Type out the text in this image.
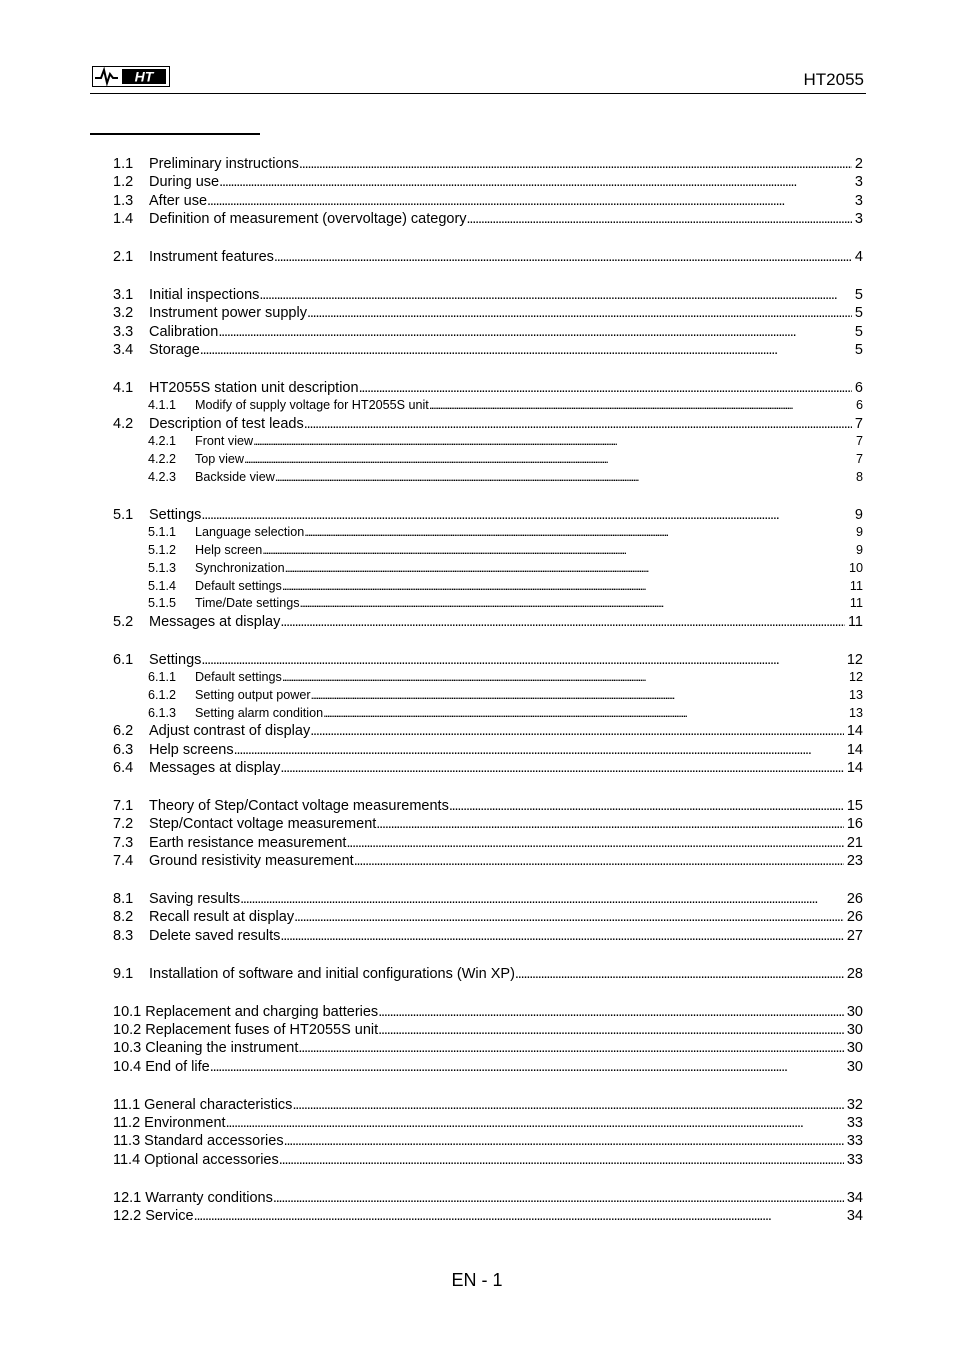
HT	HT2055
1.1	Preliminary instructions . . .	2
1.2	During use . . .	3
1.3	After use . . .	3
1.4	Definition of measurement (overvoltage) category . . .	3
2.1	Instrument features . . .	4
3.1	Initial inspections . . .	5
3.2	Instrument power supply . . .	5
3.3	Calibration . . .	5
3.4	Storage . . .	5
4.1	HT2055S station unit description . . .	6
4.1.1	Modify of supply voltage for HT2055S unit . . .	6
4.2	Description of test leads . . .	7
4.2.1	Front view . . .	7
4.2.2	Top view . . .	7
4.2.3	Backside view . . .	8
5.1	Settings . . .	9
5.1.1	Language selection . . .	9
5.1.2	Help screen . . .	9
5.1.3	Synchronization . . .	10
5.1.4	Default settings . . .	11
5.1.5	Time/Date settings . . .	11
5.2	Messages at display . . .	11
6.1	Settings . . .	12
6.1.1	Default settings . . .	12
6.1.2	Setting output power . . .	13
6.1.3	Setting alarm condition . . .	13
6.2	Adjust contrast of display . . .	14
6.3	Help screens . . .	14
6.4	Messages at display . . .	14
7.1	Theory of Step/Contact voltage measurements . . .	15
7.2	Step/Contact voltage measurement . . .	16
7.3	Earth resistance measurement . . .	21
7.4	Ground resistivity measurement . . .	23
8.1	Saving results . . .	26
8.2	Recall result at display . . .	26
8.3	Delete saved results . . .	27
9.1	Installation of software and initial configurations (Win XP) . . .	28
10.1 Replacement and charging batteries . . .	30
10.2 Replacement fuses of HT2055S unit . . .	30
10.3 Cleaning the instrument . . .	30
10.4 End of life . . .	30
11.1 General characteristics . . .	32
11.2 Environment . . .	33
11.3 Standard accessories . . .	33
11.4 Optional accessories . . .	33
12.1 Warranty conditions . . .	34
12.2 Service . . .	34
EN - 1
